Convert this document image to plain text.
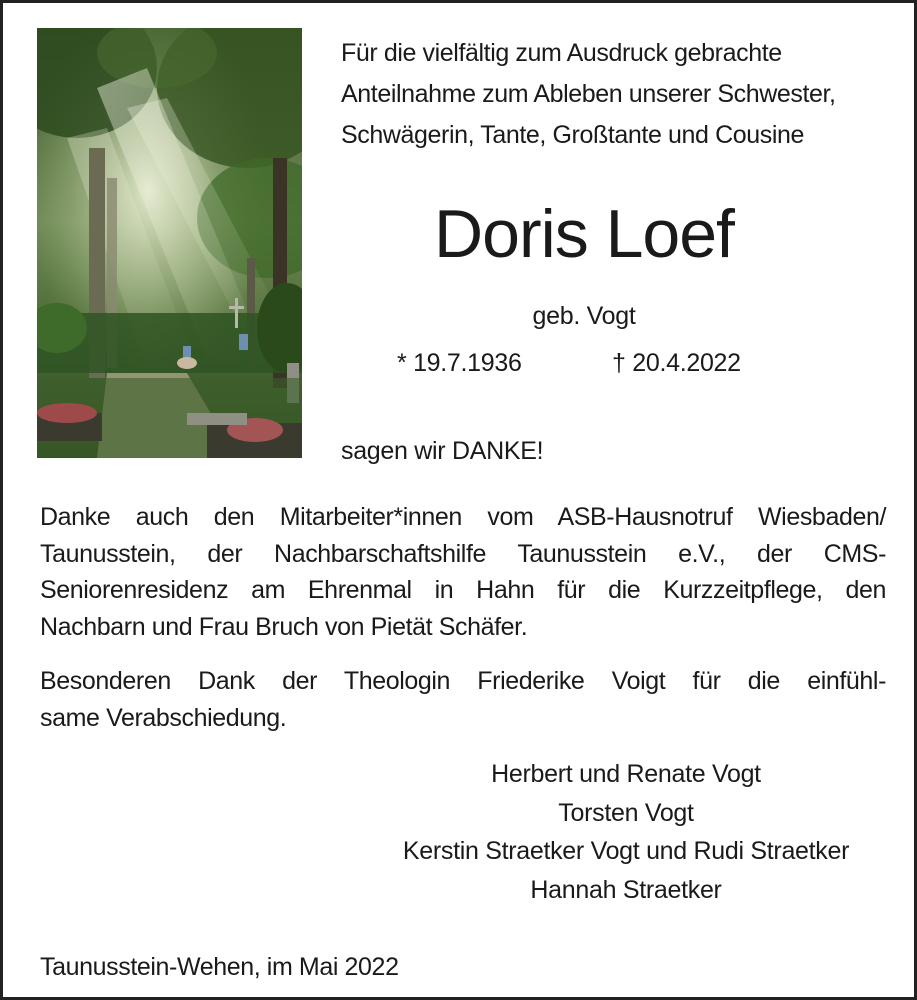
Für die vielfältig zum Ausdruck gebrachte
Anteilnahme zum Ableben unserer Schwester,
Schwägerin, Tante, Großtante und Cousine
Doris Loef
geb. Vogt
* 19.7.1936	† 20.4.2022
sagen wir DANKE!
Danke auch den Mitarbeiter*innen vom ASB-Hausnotruf Wiesbaden/
Taunusstein, der Nachbarschaftshilfe Taunusstein e.V., der CMS-
Seniorenresidenz am Ehrenmal in Hahn für die Kurzzeitpflege, den
Nachbarn und Frau Bruch von Pietät Schäfer.
Besonderen Dank der Theologin Friederike Voigt für die einfühl-
same Verabschiedung.
Herbert und Renate Vogt
Torsten Vogt
Kerstin Straetker Vogt und Rudi Straetker
Hannah Straetker
Taunusstein-Wehen, im Mai 2022
